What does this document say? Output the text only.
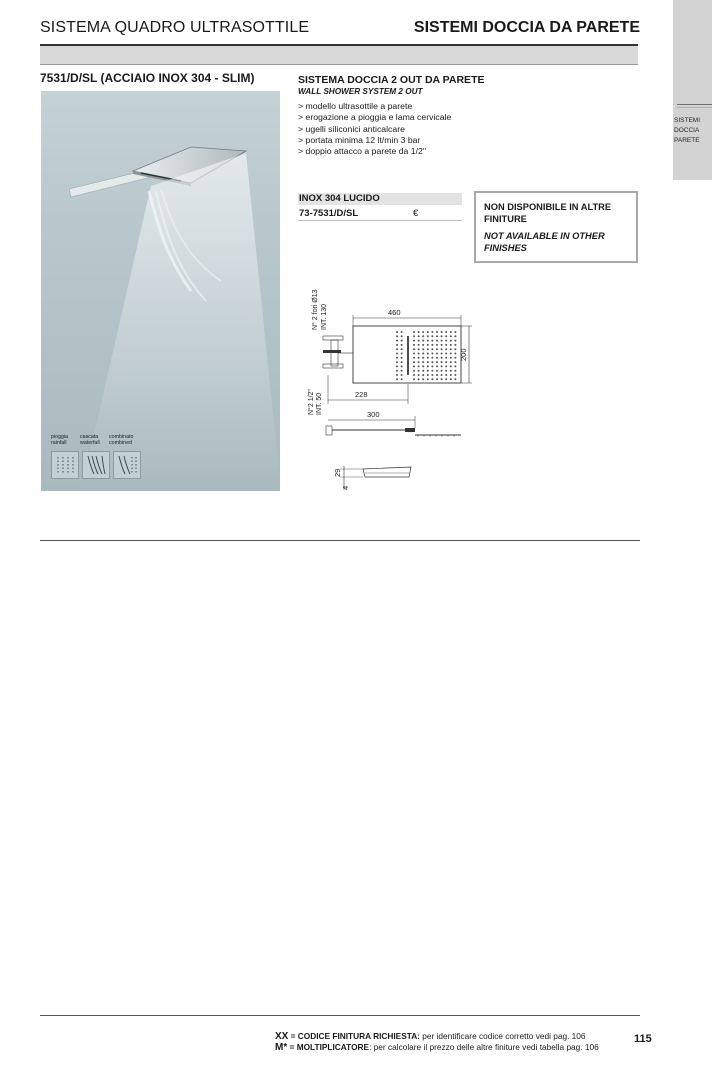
SISTEMA QUADRO ULTRASOTTILE	SISTEMI DOCCIA DA PARETE
SISTEMI
DOCCIA
PARETE
7531/D/SL (ACCIAIO INOX 304 - SLIM)
pioggia
rainfallcascata
waterfallcombinato
combined
SISTEMA DOCCIA 2 OUT DA PARETE
WALL SHOWER SYSTEM 2 OUT
> modello ultrasottile a parete
> erogazione a pioggia e lama cervicale
> ugelli siliconici anticalcare
> portata minima 12 lt/min 3 bar
> doppio attacco a parete da 1/2"
INOX 304 LUCIDO
73-7531/D/SL	€
NON DISPONIBILE IN ALTRE FINITURE
NOT AVAILABLE IN OTHER FINISHES
460
200
228
300
29
4
N° 2 fori Ø13 INT. 130
N°2 1/2" INT. 50
XX = CODICE FINITURA RICHIESTA: per identificare codice corretto vedi pag. 106
M* = MOLTIPLICATORE: per calcolare il prezzo delle altre finiture vedi tabella pag. 106
115
